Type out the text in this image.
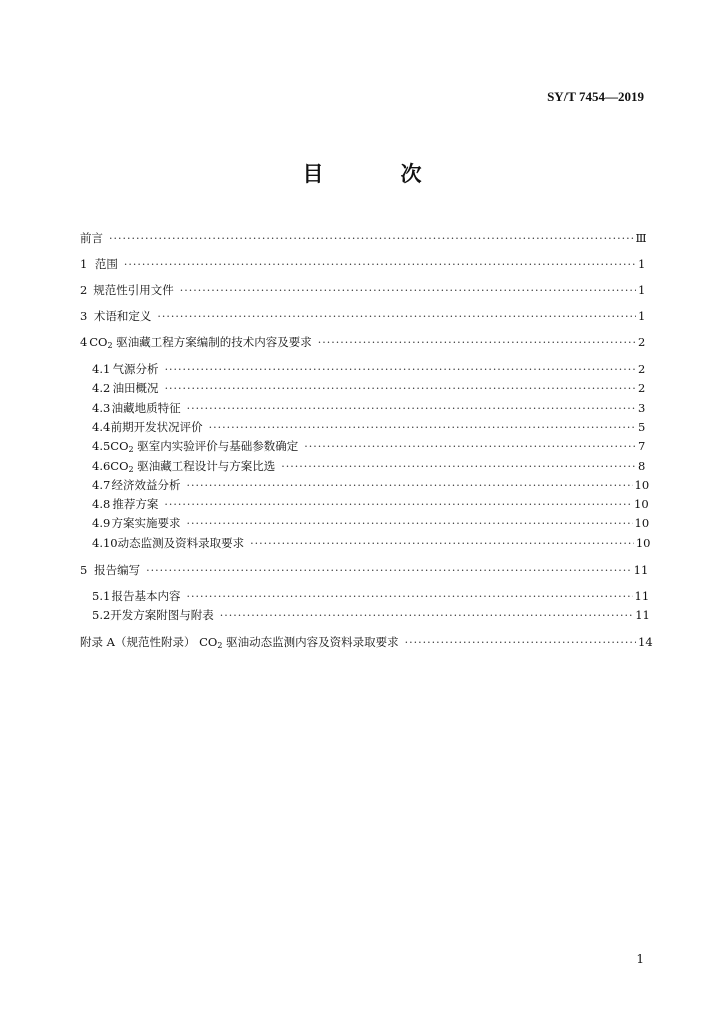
SY/T 7454—2019
目　次
前言 ·····	Ⅲ
1 范围 ·····	1
2 规范性引用文件 ·····	1
3 术语和定义 ·····	1
4 $CO_2$ 驱油藏工程方案编制的技术内容及要求 ·····	2
4.1 气源分析 ·····	2
4.2 油田概况 ·····	2
4.3 油藏地质特征 ·····	3
4.4 前期开发状况评价 ·····	5
4.5 $CO_2$ 驱室内实验评价与基础参数确定 ·····	7
4.6 $CO_2$ 驱油藏工程设计与方案比选 ·····	8
4.7 经济效益分析 ·····	10
4.8 推荐方案 ·····	10
4.9 方案实施要求 ·····	10
4.10 动态监测及资料录取要求 ·····	10
5 报告编写 ·····	11
5.1 报告基本内容 ·····	11
5.2 开发方案附图与附表 ·····	11
附录 A（规范性附录） $CO_2$ 驱油动态监测内容及资料录取要求 ·····	14
1
